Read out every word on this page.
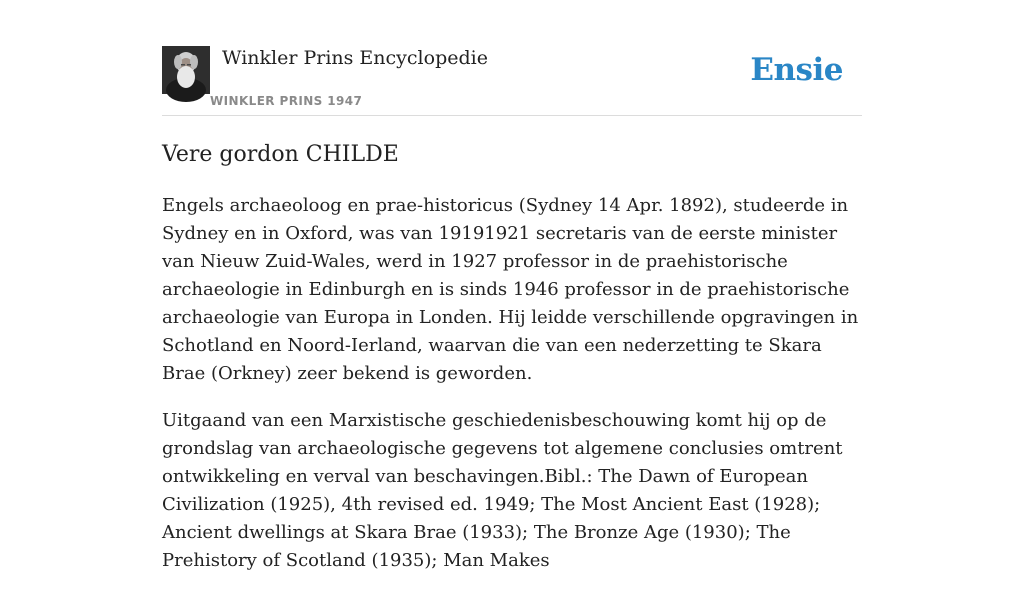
Winkler Prins Encyclopedie
WINKLER PRINS 1947
Ensie
Vere gordon CHILDE

Engels archaeoloog en prae-historicus (Sydney 14 Apr. 1892), studeerde in Sydney en in Oxford, was van 19191921 secretaris van de eerste minister van Nieuw Zuid-Wales, werd in 1927 professor in de praehistorische archaeologie in Edinburgh en is sinds 1946 professor in de praehistorische archaeologie van Europa in Londen. Hij leidde verschillende opgravingen in Schotland en Noord-Ierland, waarvan die van een nederzetting te Skara Brae (Orkney) zeer bekend is geworden.

Uitgaand van een Marxistische geschiedenisbeschouwing komt hij op de grondslag van archaeologische gegevens tot algemene conclusies omtrent ontwikkeling en verval van beschavingen.Bibl.: The Dawn of European Civilization (1925), 4th revised ed. 1949; The Most Ancient East (1928); Ancient dwellings at Skara Brae (1933); The Bronze Age (1930); The Prehistory of Scotland (1935); Man Makes
